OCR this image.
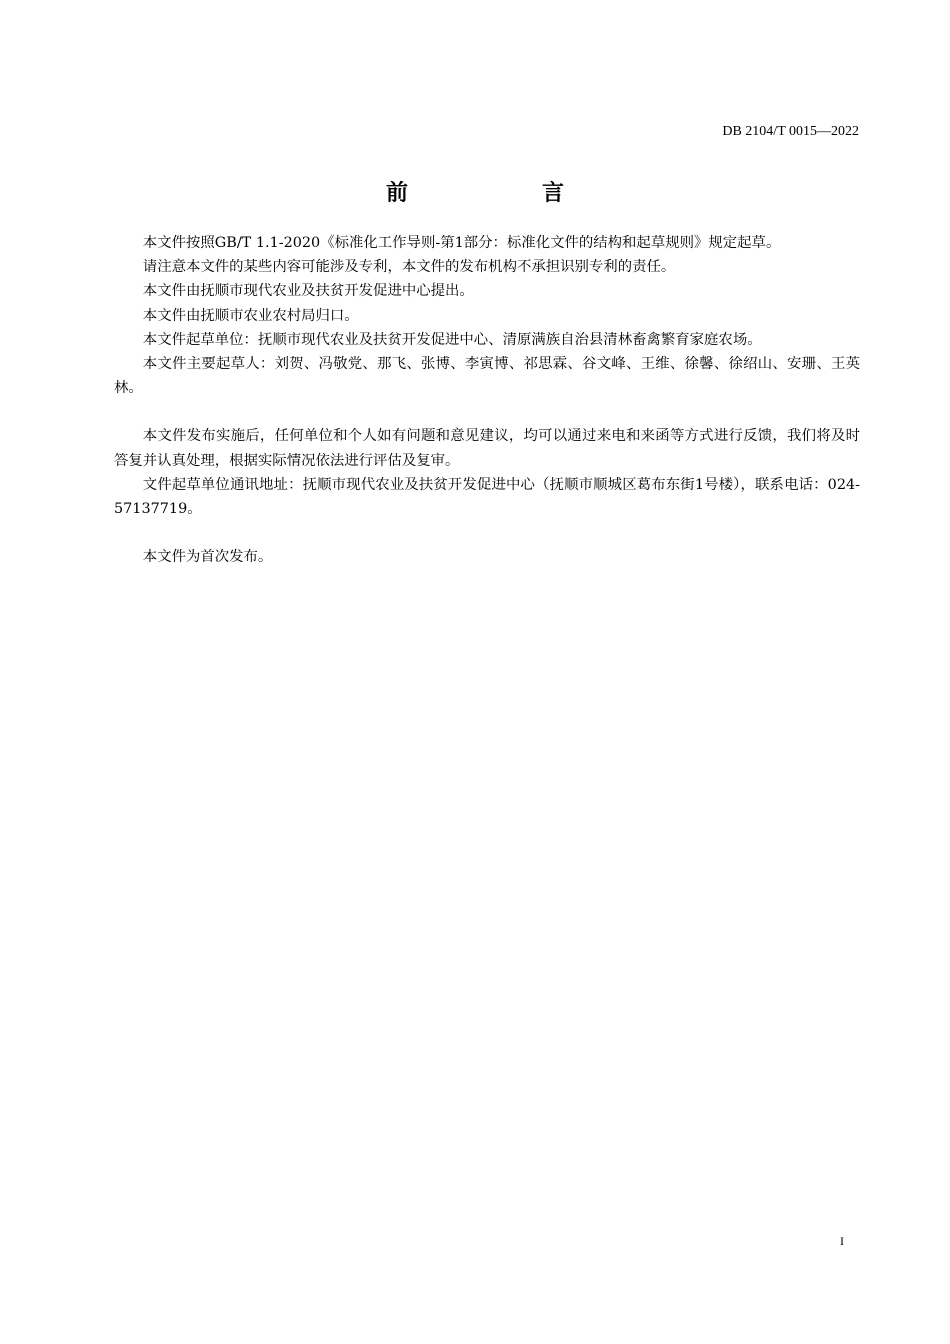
DB 2104/T 0015—2022
前　言

本文件按照GB/T 1.1-2020《标准化工作导则-第1部分：标准化文件的结构和起草规则》规定起草。

请注意本文件的某些内容可能涉及专利，本文件的发布机构不承担识别专利的责任。

本文件由抚顺市现代农业及扶贫开发促进中心提出。

本文件由抚顺市农业农村局归口。

本文件起草单位：抚顺市现代农业及扶贫开发促进中心、清原满族自治县清林畜禽繁育家庭农场。

本文件主要起草人：刘贺、冯敬党、那飞、张博、李寅博、祁思霖、谷文峰、王维、徐馨、徐绍山、安珊、王英林。

本文件发布实施后，任何单位和个人如有问题和意见建议，均可以通过来电和来函等方式进行反馈，我们将及时答复并认真处理，根据实际情况依法进行评估及复审。

文件起草单位通讯地址：抚顺市现代农业及扶贫开发促进中心（抚顺市顺城区葛布东街1号楼），联系电话：024-57137719。

本文件为首次发布。

I
